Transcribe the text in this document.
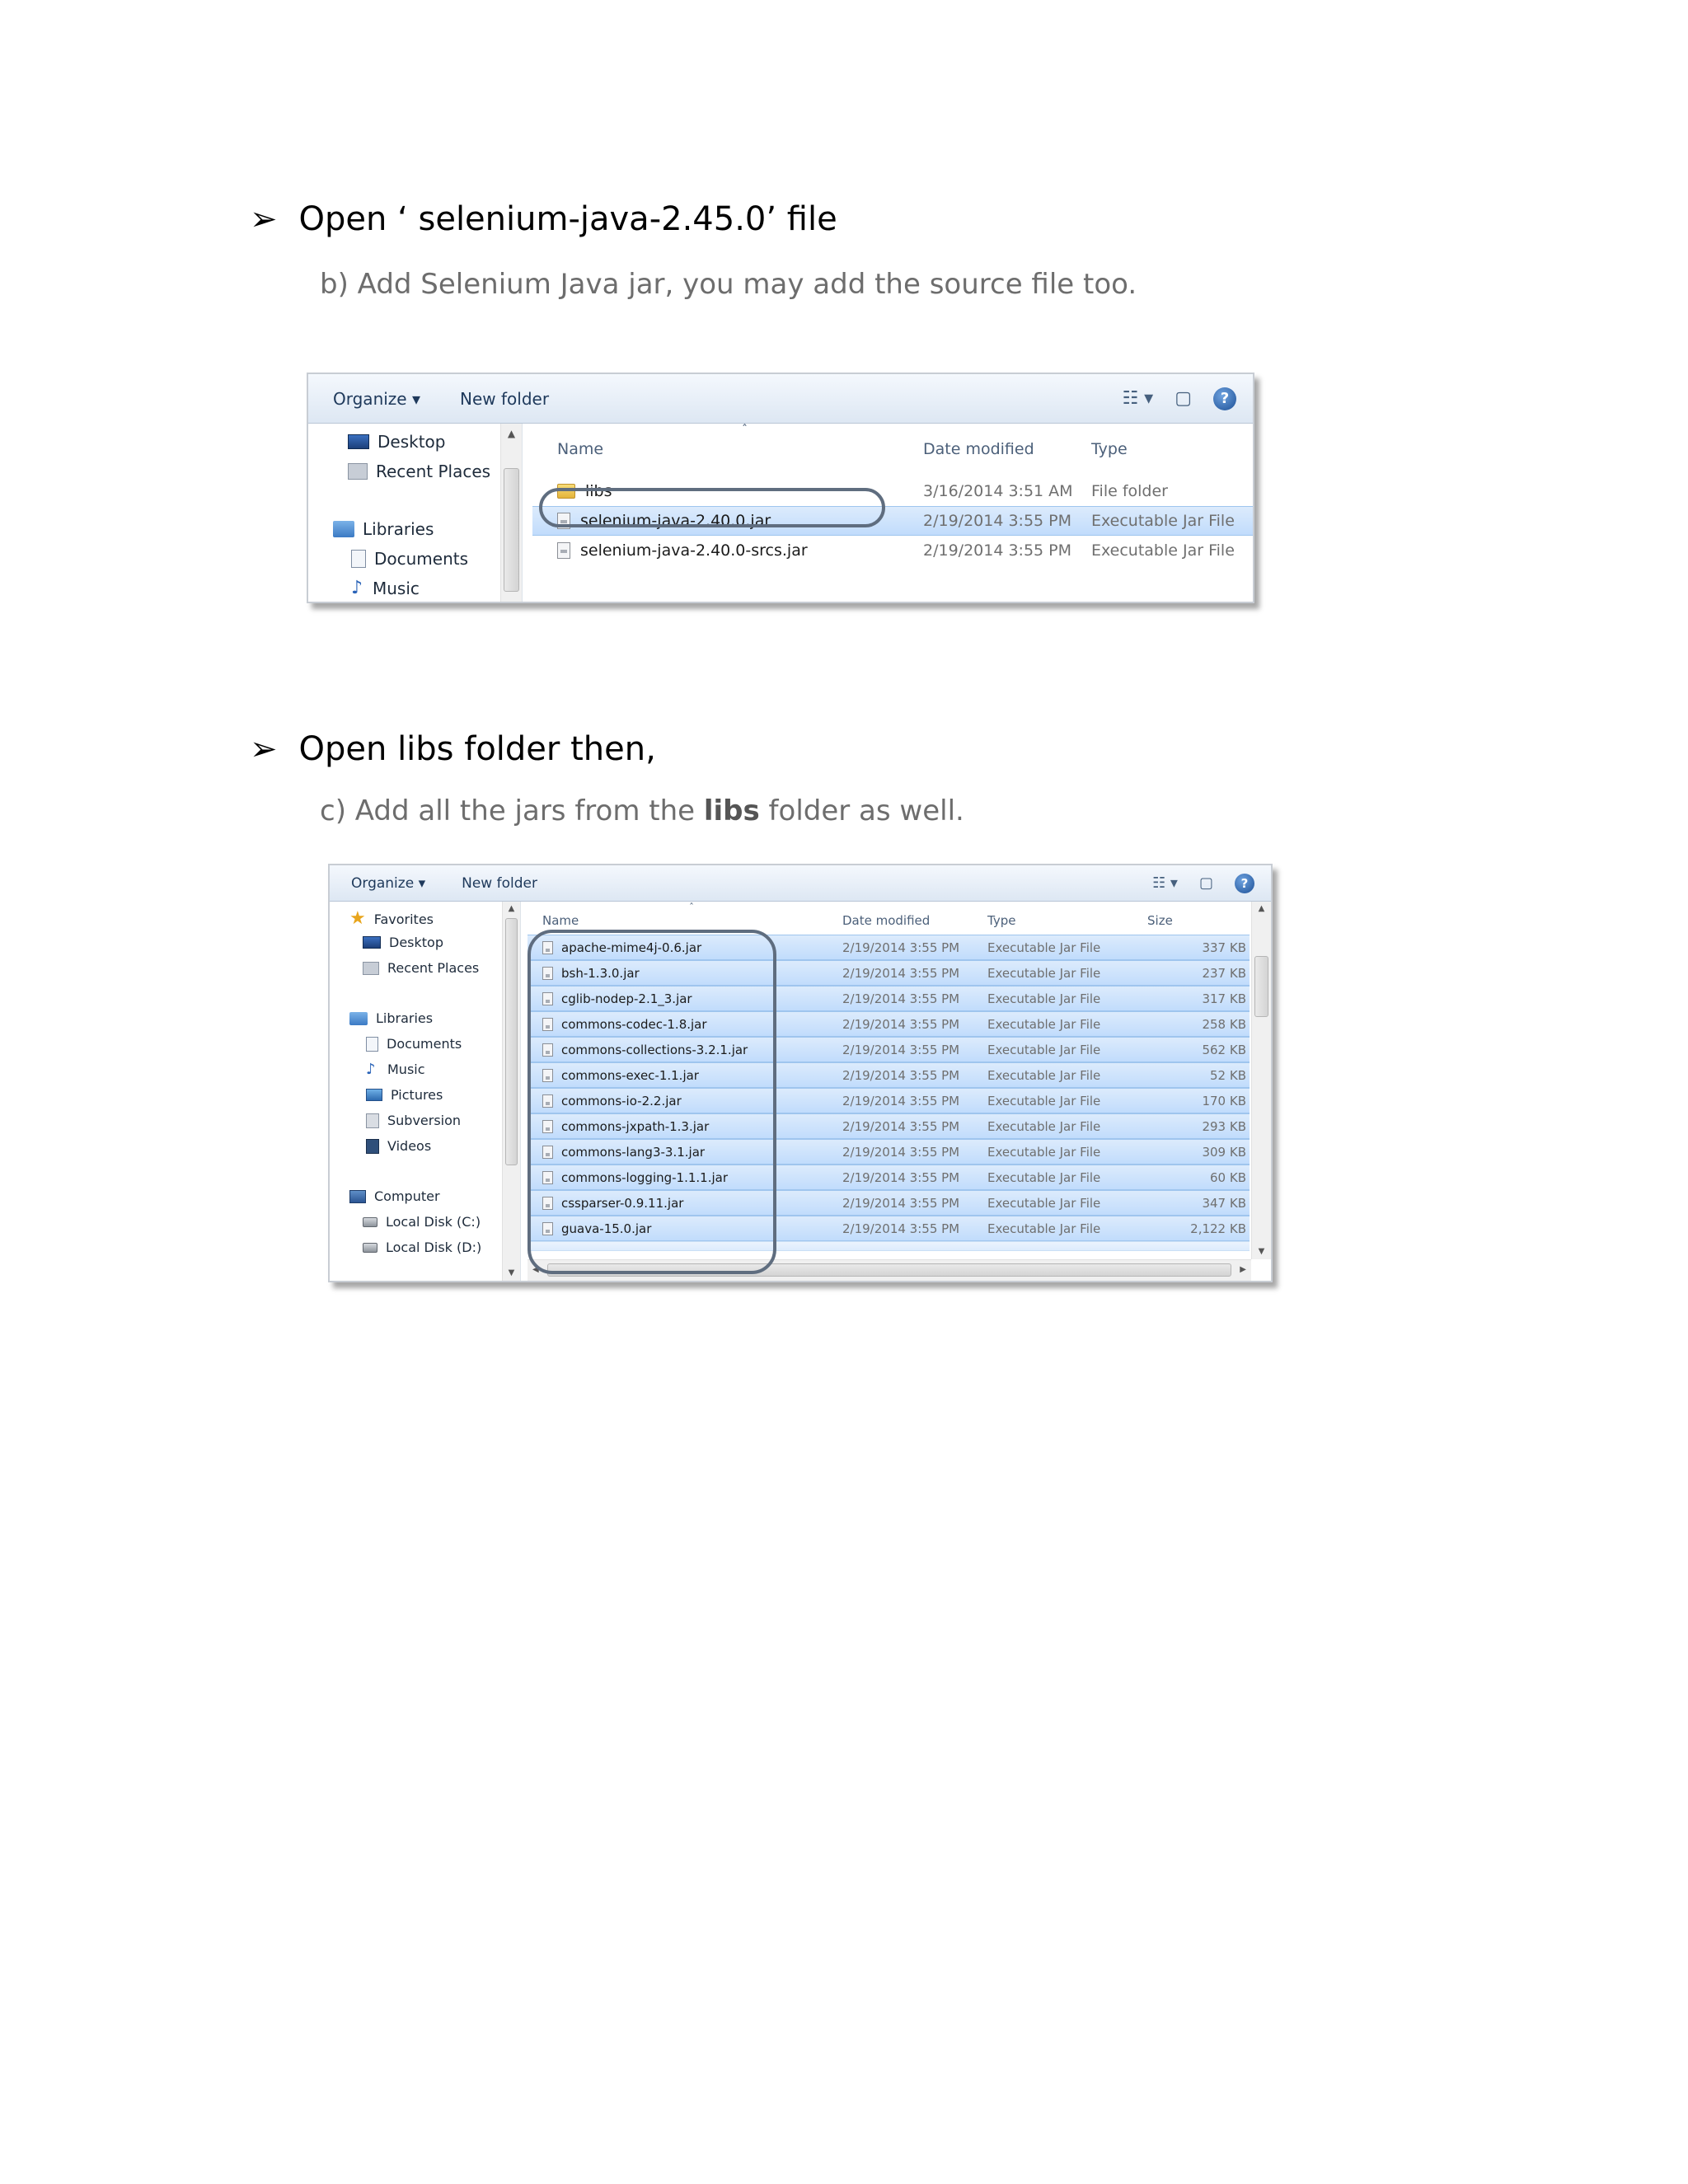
➢ Open ‘ selenium-java-2.45.0’ file
b) Add Selenium Java jar, you may add the source file too.
Organize ▾ New folder	☷ ▾ ▢	?
Desktop
Recent Places
Libraries
Documents
♪ Music
▲
Name
ˆ
Date modified	Type
libs	3/16/2014 3:51 AM File folder
selenium-java-2.40.0.jar	2/19/2014 3:55 PM Executable Jar File
selenium-java-2.40.0-srcs.jar	2/19/2014 3:55 PM Executable Jar File
➢ Open libs folder then,
c) Add all the jars from the libs folder as well.
Organize ▾	New folder	☷ ▾ ▢	?
★ Favorites
Desktop
Recent Places
Libraries
Documents
♪ Music
Pictures
Subversion
Videos
Computer
Local Disk (C:)
Local Disk (D:)
▲
▼
Name
ˆ
Date modified	Type	Size
apache-mime4j-0.6.jar	2/19/2014 3:55 PM Executable Jar File	337 KB
bsh-1.3.0.jar	2/19/2014 3:55 PM Executable Jar File	237 KB
cglib-nodep-2.1_3.jar	2/19/2014 3:55 PM Executable Jar File	317 KB
commons-codec-1.8.jar	2/19/2014 3:55 PM Executable Jar File	258 KB
commons-collections-3.2.1.jar	2/19/2014 3:55 PM Executable Jar File	562 KB
commons-exec-1.1.jar	2/19/2014 3:55 PM Executable Jar File	52 KB
commons-io-2.2.jar	2/19/2014 3:55 PM Executable Jar File	170 KB
commons-jxpath-1.3.jar	2/19/2014 3:55 PM Executable Jar File	293 KB
commons-lang3-3.1.jar	2/19/2014 3:55 PM Executable Jar File	309 KB
commons-logging-1.1.1.jar	2/19/2014 3:55 PM Executable Jar File	60 KB
cssparser-0.9.11.jar	2/19/2014 3:55 PM Executable Jar File	347 KB
guava-15.0.jar	2/19/2014 3:55 PM Executable Jar File	2,122 KB
▲
▼
◀	▶
